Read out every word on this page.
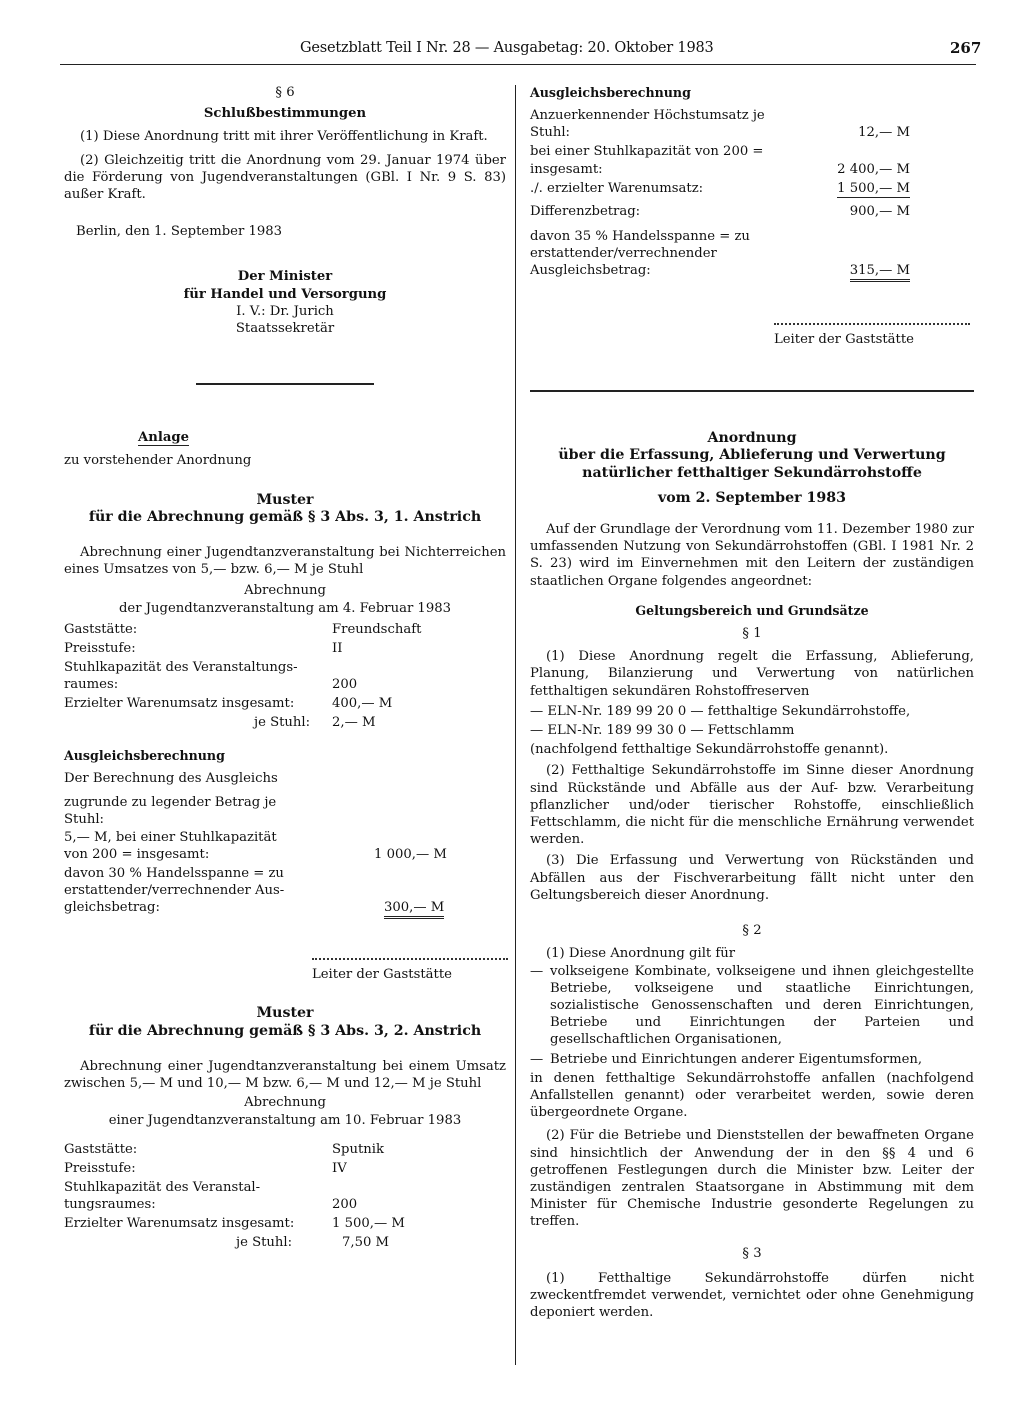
Gesetzblatt Teil I Nr. 28 — Ausgabetag: 20. Oktober 1983	267
§ 6
Schlußbestimmungen
(1) Diese Anordnung tritt mit ihrer Veröffentlichung in Kraft.
(2) Gleichzeitig tritt die Anordnung vom 29. Januar 1974 über die Förderung von Jugendveranstaltungen (GBl. I Nr. 9 S. 83) außer Kraft.
Berlin, den 1. September 1983
Der Minister
für Handel und Versorgung
I. V.: Dr. Jurich
Staatssekretär
Anlage
zu vorstehender Anordnung
Muster
für die Abrechnung gemäß § 3 Abs. 3, 1. Anstrich
Abrechnung einer Jugendtanzveranstaltung bei Nichterreichen eines Umsatzes von 5,— bzw. 6,— M je Stuhl
Abrechnung
der Jugendtanzveranstaltung am 4. Februar 1983
Gaststätte:	Freundschaft
Preisstufe:	II
Stuhlkapazität des Veranstaltungs-
raumes:	200
Erzielter Warenumsatz insgesamt:	400,— M
je Stuhl: 2,— M
Ausgleichsberechnung
Der Berechnung des Ausgleichs
zugrunde zu legender Betrag je
Stuhl:
5,— M, bei einer Stuhlkapazität
von 200 = insgesamt:	1 000,— M
davon 30 % Handelsspanne = zu
erstattender/verrechnender Aus-
gleichsbetrag:	300,— M
Leiter der Gaststätte
Muster
für die Abrechnung gemäß § 3 Abs. 3, 2. Anstrich
Abrechnung einer Jugendtanzveranstaltung bei einem Umsatz zwischen 5,— M und 10,— M bzw. 6,— M und 12,— M je Stuhl
Abrechnung
einer Jugendtanzveranstaltung am 10. Februar 1983
Gaststätte:	Sputnik
Preisstufe:	IV
Stuhlkapazität des Veranstal-
tungsraumes:	200
Erzielter Warenumsatz insgesamt:	1 500,— M
je Stuhl:	7,50 M
Ausgleichsberechnung
Anzuerkennender Höchstumsatz je
Stuhl:	12,— M
bei einer Stuhlkapazität von 200 =
insgesamt:	2 400,— M
./. erzielter Warenumsatz:	1 500,— M
Differenzbetrag:	900,— M
davon 35 % Handelsspanne = zu
erstattender/verrechnender
Ausgleichsbetrag:	315,— M
Leiter der Gaststätte
Anordnung
über die Erfassung, Ablieferung und Verwertung
natürlicher fetthaltiger Sekundärrohstoffe
vom 2. September 1983
Auf der Grundlage der Verordnung vom 11. Dezember 1980 zur umfassenden Nutzung von Sekundärrohstoffen (GBl. I 1981 Nr. 2 S. 23) wird im Einvernehmen mit den Leitern der zuständigen staatlichen Organe folgendes angeordnet:
Geltungsbereich und Grundsätze
§ 1
(1) Diese Anordnung regelt die Erfassung, Ablieferung, Planung, Bilanzierung und Verwertung von natürlichen fetthaltigen sekundären Rohstoffreserven
— ELN-Nr. 189 99 20 0 — fetthaltige Sekundärrohstoffe,
— ELN-Nr. 189 99 30 0 — Fettschlamm
(nachfolgend fetthaltige Sekundärrohstoffe genannt).
(2) Fetthaltige Sekundärrohstoffe im Sinne dieser Anordnung sind Rückstände und Abfälle aus der Auf- bzw. Verarbeitung pflanzlicher und/oder tierischer Rohstoffe, einschließlich Fettschlamm, die nicht für die menschliche Ernährung verwendet werden.
(3) Die Erfassung und Verwertung von Rückständen und Abfällen aus der Fischverarbeitung fällt nicht unter den Geltungsbereich dieser Anordnung.
§ 2
(1) Diese Anordnung gilt für
— volkseigene Kombinate, volkseigene und ihnen gleichgestellte Betriebe, volkseigene und staatliche Einrichtungen, sozialistische Genossenschaften und deren Einrichtungen, Betriebe und Einrichtungen der Parteien und gesellschaftlichen Organisationen,
— Betriebe und Einrichtungen anderer Eigentumsformen,
in denen fetthaltige Sekundärrohstoffe anfallen (nachfolgend Anfallstellen genannt) oder verarbeitet werden, sowie deren übergeordnete Organe.
(2) Für die Betriebe und Dienststellen der bewaffneten Organe sind hinsichtlich der Anwendung der in den §§ 4 und 6 getroffenen Festlegungen durch die Minister bzw. Leiter der zuständigen zentralen Staatsorgane in Abstimmung mit dem Minister für Chemische Industrie gesonderte Regelungen zu treffen.
§ 3
(1) Fetthaltige Sekundärrohstoffe dürfen nicht zweckentfremdet verwendet, vernichtet oder ohne Genehmigung deponiert werden.
